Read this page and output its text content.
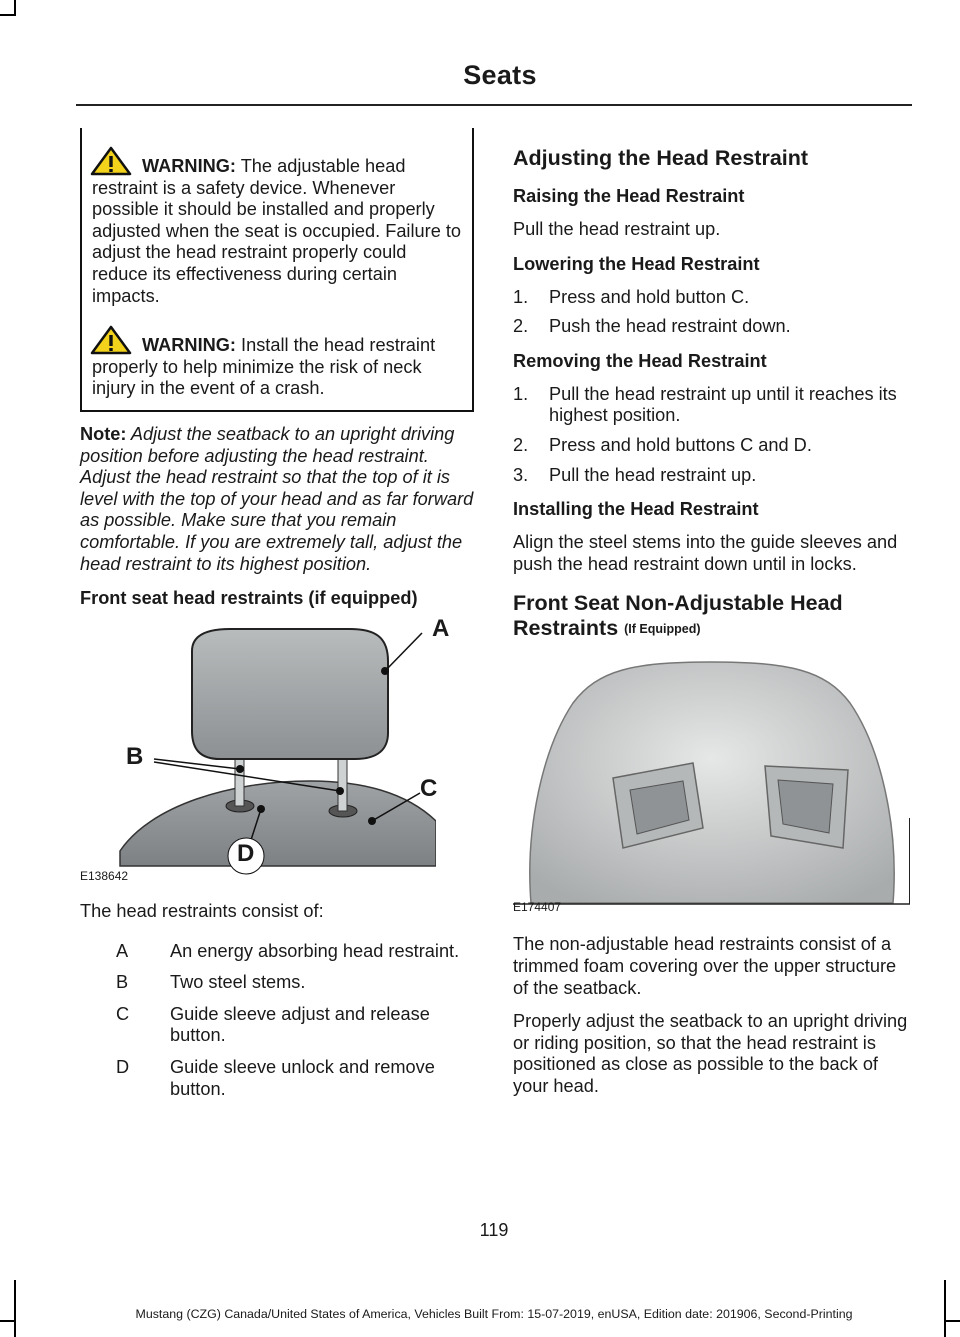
Seats

WARNING: The adjustable head restraint is a safety device. Whenever possible it should be installed and properly adjusted when the seat is occupied. Failure to adjust the head restraint properly could reduce its effectiveness during certain impacts.

WARNING: Install the head restraint properly to help minimize the risk of neck injury in the event of a crash.

Note: Adjust the seatback to an upright driving position before adjusting the head restraint. Adjust the head restraint so that the top of it is level with the top of your head and as far forward as possible. Make sure that you remain comfortable. If you are extremely tall, adjust the head restraint to its highest position.

Front seat head restraints (if equipped)
A
B
C
D
E138642

The head restraints consist of:

A	An energy absorbing head restraint.
B	Two steel stems.
C	Guide sleeve adjust and release button.
D	Guide sleeve unlock and remove button.
Adjusting the Head Restraint
Raising the Head Restraint

Pull the head restraint up.

Lowering the Head Restraint
1.	Press and hold button C.
2.	Push the head restraint down.
Removing the Head Restraint
1.	Pull the head restraint up until it reaches its highest position.
2.	Press and hold buttons C and D.
3.	Pull the head restraint up.
Installing the Head Restraint

Align the steel stems into the guide sleeves and push the head restraint down until in locks.

Front Seat Non-Adjustable Head Restraints (If Equipped)
E174407

The non-adjustable head restraints consist of a trimmed foam covering over the upper structure of the seatback.

Properly adjust the seatback to an upright driving or riding position, so that the head restraint is positioned as close as possible to the back of your head.

119
Mustang (CZG) Canada/United States of America, Vehicles Built From: 15-07-2019, enUSA, Edition date: 201906, Second-Printing
